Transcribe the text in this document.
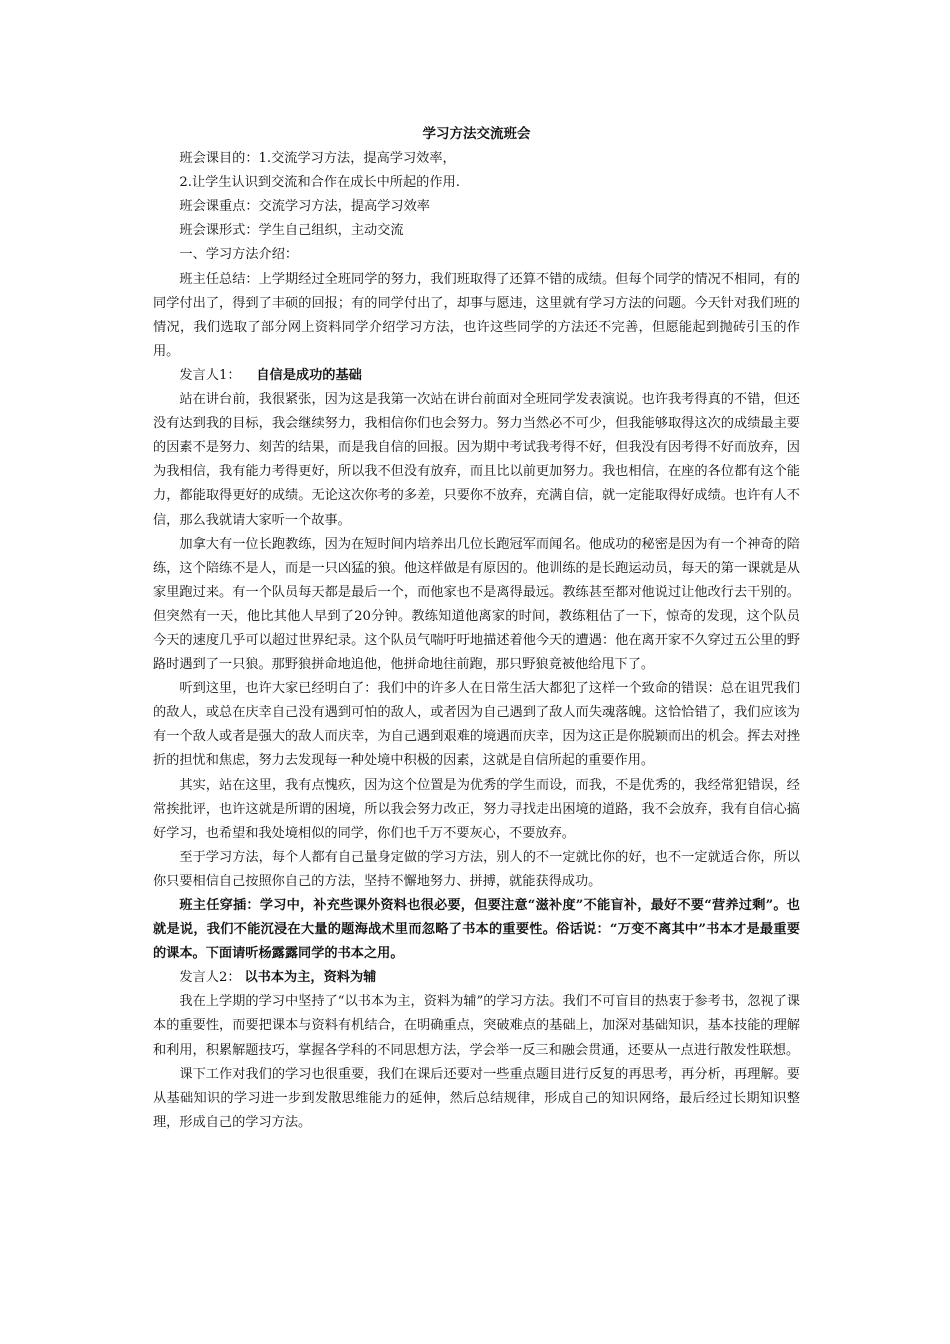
学习方法交流班会

班会课目的：1.交流学习方法，提高学习效率，

2.让学生认识到交流和合作在成长中所起的作用.

班会课重点：交流学习方法，提高学习效率

班会课形式：学生自己组织，主动交流

一、学习方法介绍：

班主任总结：上学期经过全班同学的努力，我们班取得了还算不错的成绩。但每个同学的情况不相同，有的同学付出了，得到了丰硕的回报；有的同学付出了，却事与愿违，这里就有学习方法的问题。今天针对我们班的情况，我们选取了部分网上资料同学介绍学习方法，也许这些同学的方法还不完善，但愿能起到抛砖引玉的作用。

发言人1： 自信是成功的基础

站在讲台前，我很紧张，因为这是我第一次站在讲台前面对全班同学发表演说。也许我考得真的不错，但还没有达到我的目标，我会继续努力，我相信你们也会努力。努力当然必不可少，但我能够取得这次的成绩最主要的因素不是努力、刻苦的结果，而是我自信的回报。因为期中考试我考得不好，但我没有因考得不好而放弃，因为我相信，我有能力考得更好，所以我不但没有放弃，而且比以前更加努力。我也相信，在座的各位都有这个能力，都能取得更好的成绩。无论这次你考的多差，只要你不放弃，充满自信，就一定能取得好成绩。也许有人不信，那么我就请大家听一个故事。

加拿大有一位长跑教练，因为在短时间内培养出几位长跑冠军而闻名。他成功的秘密是因为有一个神奇的陪练，这个陪练不是人，而是一只凶猛的狼。他这样做是有原因的。他训练的是长跑运动员，每天的第一课就是从家里跑过来。有一个队员每天都是最后一个，而他家也不是离得最远。教练甚至都对他说过让他改行去干别的。但突然有一天，他比其他人早到了20分钟。教练知道他离家的时间，教练粗估了一下，惊奇的发现，这个队员今天的速度几乎可以超过世界纪录。这个队员气喘吁吁地描述着他今天的遭遇：他在离开家不久穿过五公里的野路时遇到了一只狼。那野狼拼命地追他，他拼命地往前跑，那只野狼竟被他给甩下了。

听到这里，也许大家已经明白了：我们中的许多人在日常生活大都犯了这样一个致命的错误：总在诅咒我们的敌人，或总在庆幸自己没有遇到可怕的敌人，或者因为自己遇到了敌人而失魂落魄。这恰恰错了，我们应该为有一个敌人或者是强大的敌人而庆幸，为自己遇到艰难的境遇而庆幸，因为这正是你脱颖而出的机会。挥去对挫折的担忧和焦虑，努力去发现每一种处境中积极的因素，这就是自信所起的重要作用。

其实，站在这里，我有点愧疚，因为这个位置是为优秀的学生而设，而我，不是优秀的，我经常犯错误，经常挨批评，也许这就是所谓的困境，所以我会努力改正，努力寻找走出困境的道路，我不会放弃，我有自信心搞好学习，也希望和我处境相似的同学，你们也千万不要灰心，不要放弃。

至于学习方法，每个人都有自己量身定做的学习方法，别人的不一定就比你的好，也不一定就适合你，所以你只要相信自己按照你自己的方法，坚持不懈地努力、拼搏，就能获得成功。

班主任穿插：学习中，补充些课外资料也很必要，但要注意“滋补度”不能盲补，最好不要“营养过剩”。也就是说，我们不能沉浸在大量的题海战术里而忽略了书本的重要性。俗话说：“万变不离其中”书本才是最重要的课本。下面请听杨露露同学的书本之用。

发言人2： 以书本为主，资料为辅

我在上学期的学习中坚持了“以书本为主，资料为辅”的学习方法。我们不可盲目的热衷于参考书，忽视了课本的重要性，而要把课本与资料有机结合，在明确重点，突破难点的基础上，加深对基础知识，基本技能的理解和利用，积累解题技巧，掌握各学科的不同思想方法，学会举一反三和融会贯通，还要从一点进行散发性联想。

课下工作对我们的学习也很重要，我们在课后还要对一些重点题目进行反复的再思考，再分析，再理解。要从基础知识的学习进一步到发散思维能力的延伸，然后总结规律，形成自己的知识网络，最后经过长期知识整理，形成自己的学习方法。
